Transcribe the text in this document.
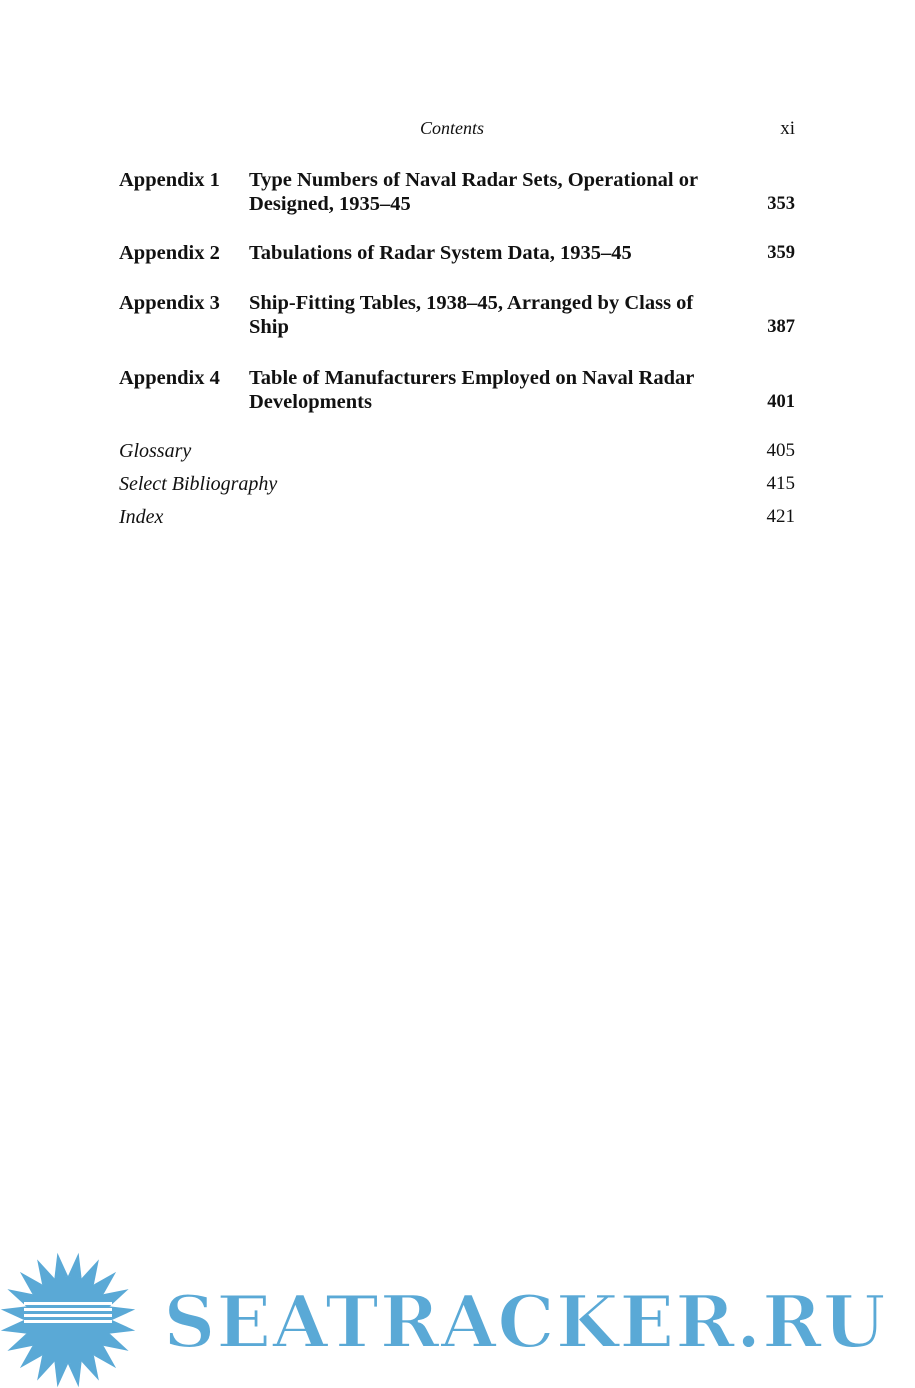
Contents	xi
Appendix 1 Type Numbers of Naval Radar Sets, Operational or Designed, 1935–45	353
Appendix 2 Tabulations of Radar System Data, 1935–45	359
Appendix 3 Ship-Fitting Tables, 1938–45, Arranged by Class of Ship	387
Appendix 4 Table of Manufacturers Employed on Naval Radar Developments	401
Glossary	405
Select Bibliography	415
Index	421
SEATRACKER.RU
